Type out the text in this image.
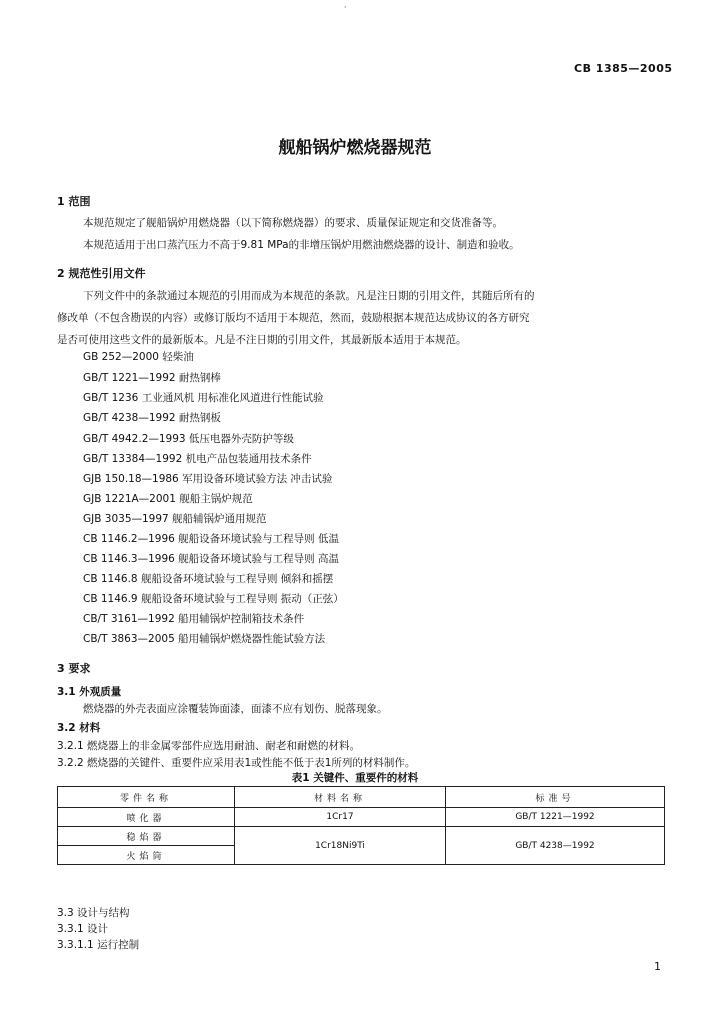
,
CB 1385—2005
舰船锅炉燃烧器规范
1 范围
本规范规定了舰船锅炉用燃烧器（以下简称燃烧器）的要求、质量保证规定和交货准备等。
本规范适用于出口蒸汽压力不高于9.81 MPa的非增压锅炉用燃油燃烧器的设计、制造和验收。
2 规范性引用文件
下列文件中的条款通过本规范的引用而成为本规范的条款。凡是注日期的引用文件，其随后所有的
修改单（不包含勘误的内容）或修订版均不适用于本规范，然而，鼓励根据本规范达成协议的各方研究
是否可使用这些文件的最新版本。凡是不注日期的引用文件，其最新版本适用于本规范。
GB 252—2000 轻柴油
GB/T 1221—1992 耐热钢棒
GB/T 1236 工业通风机 用标准化风道进行性能试验
GB/T 4238—1992 耐热钢板
GB/T 4942.2—1993 低压电器外壳防护等级
GB/T 13384—1992 机电产品包装通用技术条件
GJB 150.18—1986 军用设备环境试验方法 冲击试验
GJB 1221A—2001 舰船主锅炉规范
GJB 3035—1997 舰船辅锅炉通用规范
CB 1146.2—1996 舰船设备环境试验与工程导则 低温
CB 1146.3—1996 舰船设备环境试验与工程导则 高温
CB 1146.8 舰船设备环境试验与工程导则 倾斜和摇摆
CB 1146.9 舰船设备环境试验与工程导则 振动（正弦）
CB/T 3161—1992 船用辅锅炉控制箱技术条件
CB/T 3863—2005 船用辅锅炉燃烧器性能试验方法
3 要求
3.1 外观质量
燃烧器的外壳表面应涂覆装饰面漆，面漆不应有划伤、脱落现象。
3.2 材料
3.2.1 燃烧器上的非金属零部件应选用耐油、耐老和耐燃的材料。
3.2.2 燃烧器的关键件、重要件应采用表1或性能不低于表1所列的材料制作。
表1 关键件、重要件的材料
零件名称	材料名称	标准号
喷化器	1Cr17	GB/T 1221—1992
稳焰器	1Cr18Ni9Ti	GB/T 4238—1992
火焰筒		
3.3 设计与结构
3.3.1 设计
3.3.1.1 运行控制
1
